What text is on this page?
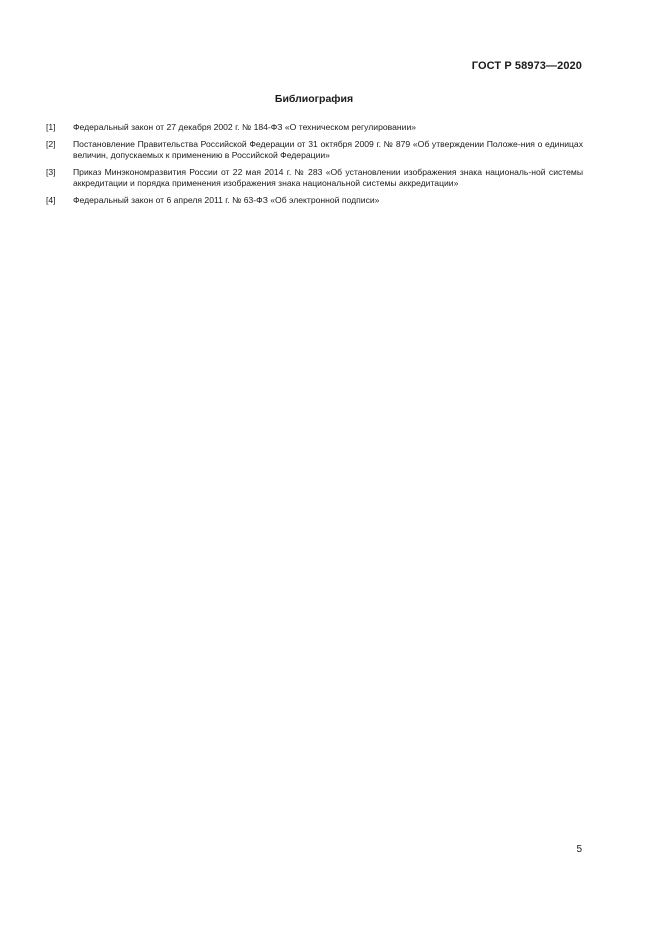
ГОСТ Р 58973—2020
Библиография
[1]	Федеральный закон от 27 декабря 2002 г. № 184-ФЗ «О техническом регулировании»
[2]	Постановление Правительства Российской Федерации от 31 октября 2009 г. № 879 «Об утверждении Положе-ния о единицах величин, допускаемых к применению в Российской Федерации»
[3]	Приказ Минэкономразвития России от 22 мая 2014 г. № 283 «Об установлении изображения знака националь-ной системы аккредитации и порядка применения изображения знака национальной системы аккредитации»
[4]	Федеральный закон от 6 апреля 2011 г. № 63-ФЗ «Об электронной подписи»
5
